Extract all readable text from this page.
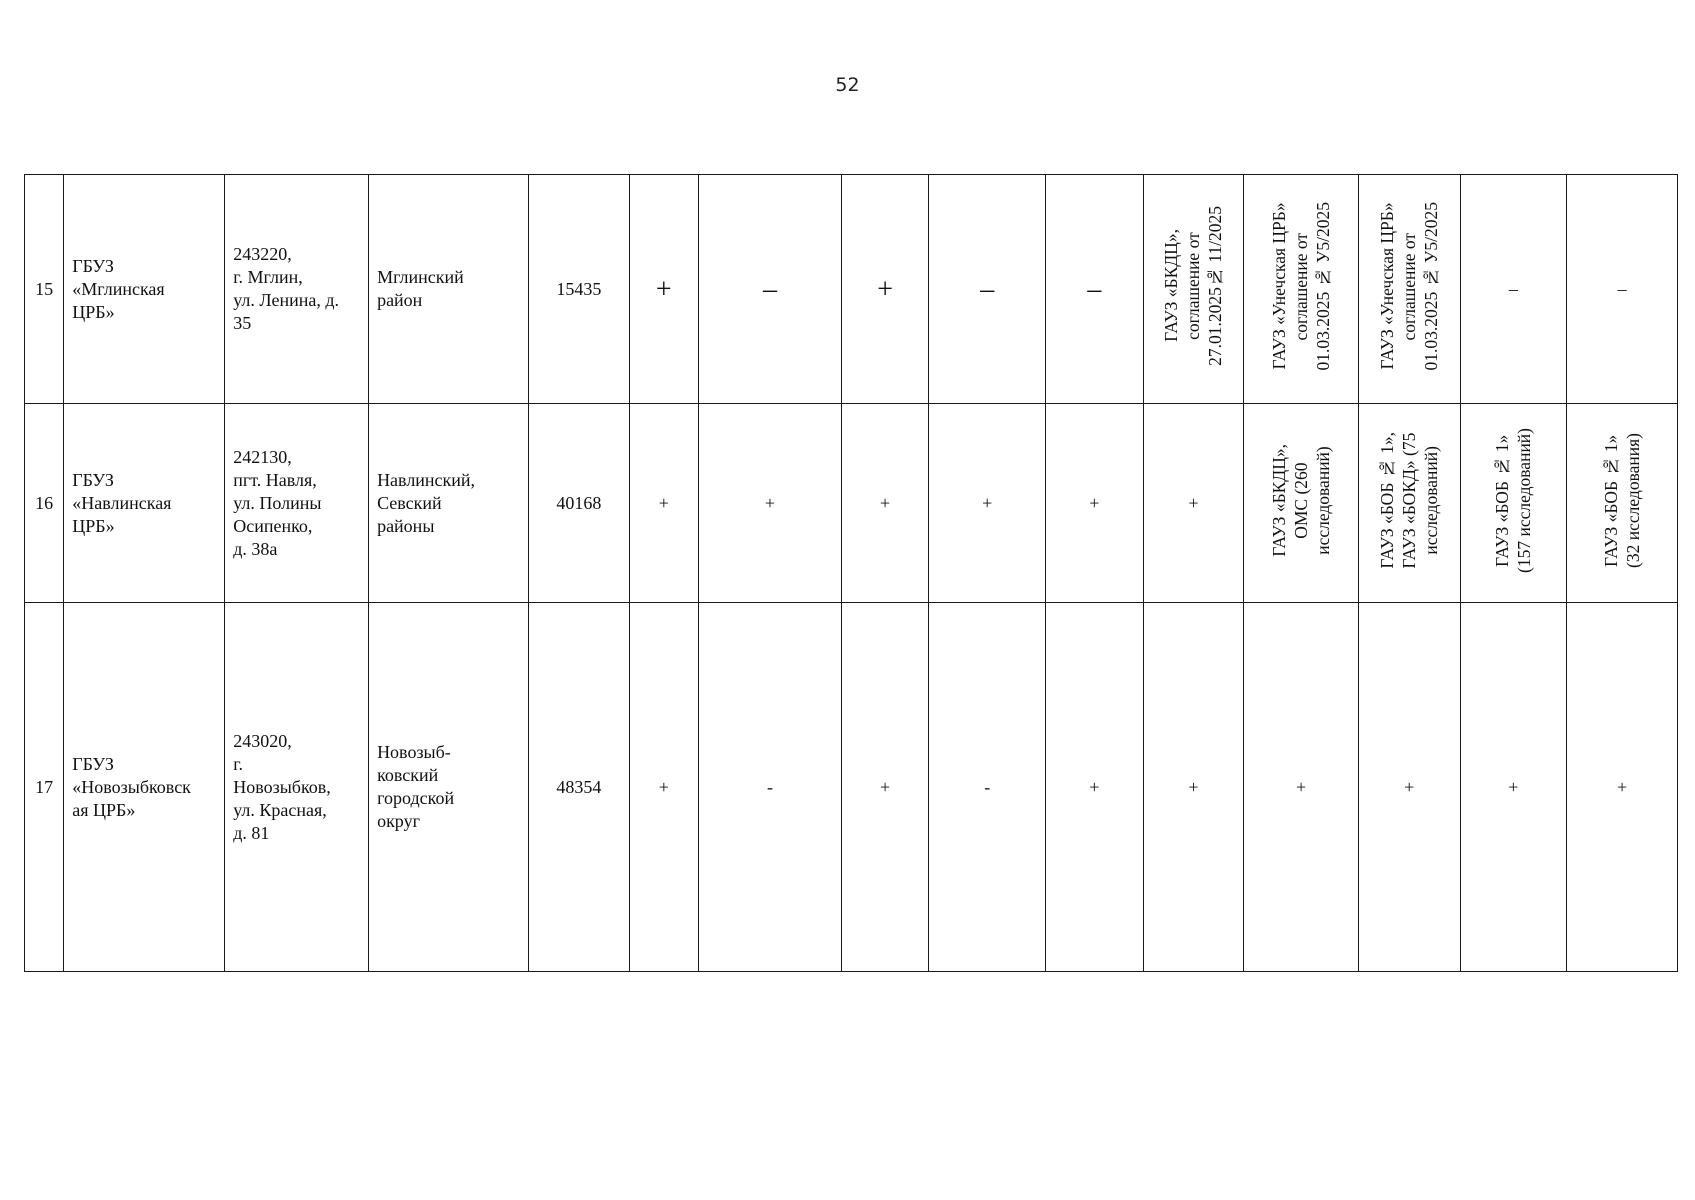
52
15	ГБУЗ
«Мглинская
ЦРБ»	243220,
г. Мглин,
ул. Ленина, д.
35	Мглинский
район	15435	+	–	+	–	–	ГАУЗ «БКДЦ»,
соглашение от
27.01.2025№ 11/2025	ГАУЗ «Унечская ЦРБ»
соглашение от
01.03.2025 № У5/2025	ГАУЗ «Унечская ЦРБ»
соглашение от
01.03.2025 № У5/2025	–	–
16	ГБУЗ
«Навлинская
ЦРБ»	242130,
пгт. Навля,
ул. Полины
Осипенко,
д. 38а	Навлинский,
Севский
районы	40168	+	+	+	+	+	+	ГАУЗ «БКДЦ»,
ОМС (260
исследований)	ГАУЗ «БОБ № 1»,
ГАУЗ «БОКД» (75
исследований)	ГАУЗ «БОБ № 1»
(157 исследований)	ГАУЗ «БОБ № 1»
(32 исследования)
17	ГБУЗ
«Новозыбковск
ая ЦРБ»	243020,
г.
Новозыбков,
ул. Красная,
д. 81	Новозыб-
ковский
городской
округ	48354	+	-	+	-	+	+	+	+	+	+
